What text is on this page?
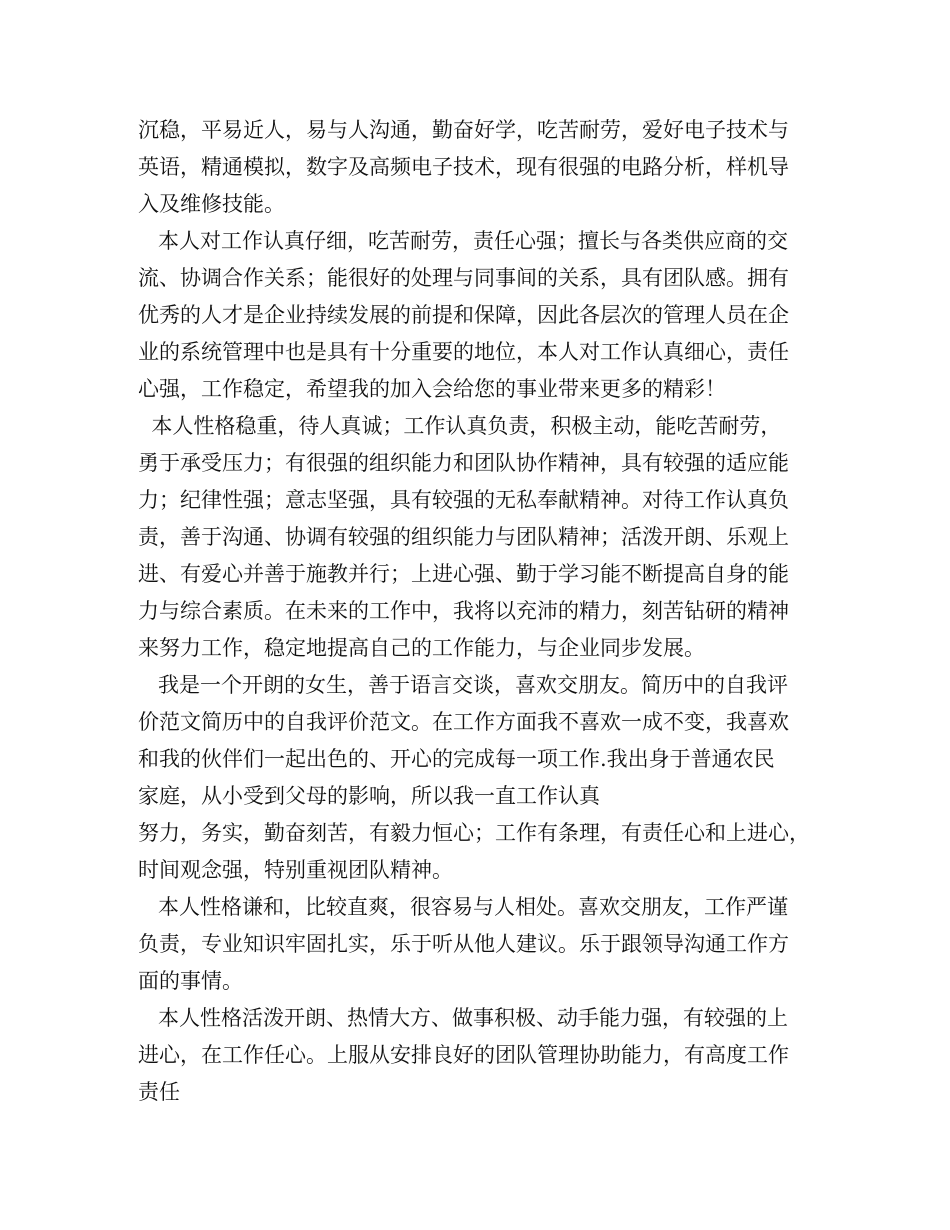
沉稳，平易近人，易与人沟通，勤奋好学，吃苦耐劳，爱好电子技术与
英语，精通模拟，数字及高频电子技术，现有很强的电路分析，样机导
入及维修技能。
本人对工作认真仔细，吃苦耐劳，责任心强；擅长与各类供应商的交
流、协调合作关系；能很好的处理与同事间的关系，具有团队感。拥有
优秀的人才是企业持续发展的前提和保障，因此各层次的管理人员在企
业的系统管理中也是具有十分重要的地位，本人对工作认真细心，责任
心强，工作稳定，希望我的加入会给您的事业带来更多的精彩！
本人性格稳重，待人真诚；工作认真负责，积极主动，能吃苦耐劳，
勇于承受压力；有很强的组织能力和团队协作精神，具有较强的适应能
力；纪律性强；意志坚强，具有较强的无私奉献精神。对待工作认真负
责，善于沟通、协调有较强的组织能力与团队精神；活泼开朗、乐观上
进、有爱心并善于施教并行；上进心强、勤于学习能不断提高自身的能
力与综合素质。在未来的工作中，我将以充沛的精力，刻苦钻研的精神
来努力工作，稳定地提高自己的工作能力，与企业同步发展。
我是一个开朗的女生，善于语言交谈，喜欢交朋友。简历中的自我评
价范文简历中的自我评价范文。在工作方面我不喜欢一成不变，我喜欢
和我的伙伴们一起出色的、开心的完成每一项工作.我出身于普通农民
家庭，从小受到父母的影响，所以我一直工作认真
努力，务实，勤奋刻苦，有毅力恒心；工作有条理，有责任心和上进心，
时间观念强，特别重视团队精神。
本人性格谦和，比较直爽，很容易与人相处。喜欢交朋友，工作严谨
负责，专业知识牢固扎实，乐于听从他人建议。乐于跟领导沟通工作方
面的事情。
本人性格活泼开朗、热情大方、做事积极、动手能力强，有较强的上
进心，在工作任心。上服从安排良好的团队管理协助能力，有高度工作
责任
